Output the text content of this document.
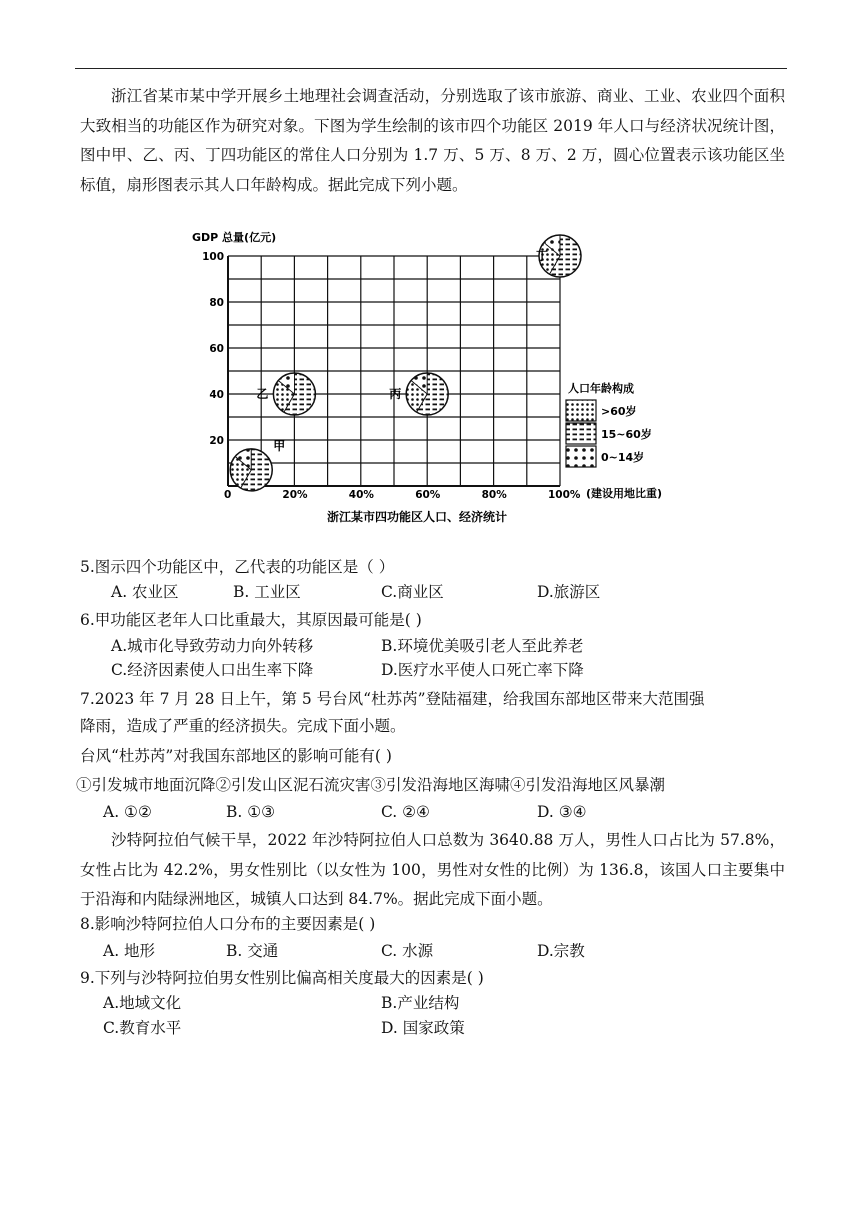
浙江省某市某中学开展乡土地理社会调查活动，分别选取了该市旅游、商业、工业、农业四个面积大致相当的功能区作为研究对象。下图为学生绘制的该市四个功能区 2019 年人口与经济状况统计图，图中甲、乙、丙、丁四功能区的常住人口分别为 1.7 万、5 万、8 万、2 万，圆心位置表示该功能区坐标值，扇形图表示其人口年龄构成。据此完成下列小题。

0	20%	40%	60%	80%	100%
20
40
60
80
100
甲
乙	丙
丁
人口年龄构成
>60岁
15~60岁
0~14岁
GDP 总量(亿元)
(建设用地比重)
浙江某市四功能区人口、经济统计
5.图示四个功能区中，乙代表的功能区是（ ）
A. 农业区	B. 工业区	C.商业区	D.旅游区
6.甲功能区老年人口比重最大，其原因最可能是( )
A.城市化导致劳动力向外转移	B.环境优美吸引老人至此养老
C.经济因素使人口出生率下降	D.医疗水平使人口死亡率下降
7.2023 年 7 月 28 日上午，第 5 号台风“杜苏芮”登陆福建，给我国东部地区带来大范围强
降雨，造成了严重的经济损失。完成下面小题。
台风“杜苏芮”对我国东部地区的影响可能有( )
①引发城市地面沉降②引发山区泥石流灾害③引发沿海地区海啸④引发沿海地区风暴潮
A. ①②	B. ①③	C. ②④	D. ③④

沙特阿拉伯气候干旱，2022 年沙特阿拉伯人口总数为 3640.88 万人，男性人口占比为 57.8%，女性占比为 42.2%，男女性别比（以女性为 100，男性对女性的比例）为 136.8，该国人口主要集中于沿海和内陆绿洲地区，城镇人口达到 84.7%。据此完成下面小题。

8.影响沙特阿拉伯人口分布的主要因素是( )
A. 地形	B. 交通	C. 水源	D.宗教
9.下列与沙特阿拉伯男女性别比偏高相关度最大的因素是( )
A.地域文化	B.产业结构
C.教育水平	D. 国家政策
